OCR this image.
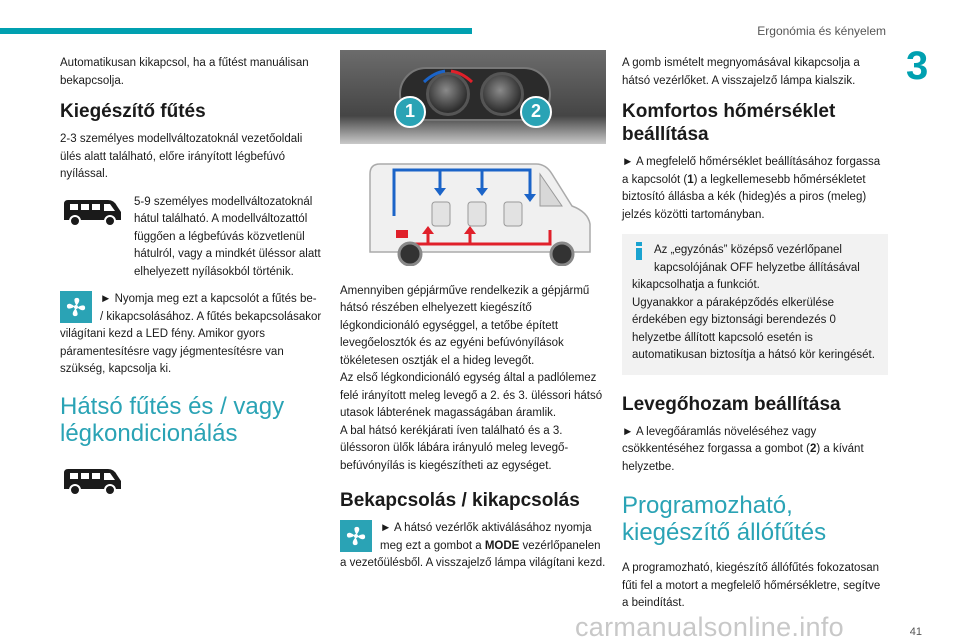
Ergonómia és kényelem
3

Automatikusan kikapcsol, ha a fűtést manuálisan bekapcsolja.

Kiegészítő fűtés

2-3 személyes modellváltozatoknál vezetőoldali ülés alatt található, előre irányított légbefúvó nyílással.

5-9 személyes modellváltozatoknál hátul található. A modellváltozattól függően a légbefúvás közvetlenül hátulról, vagy a mindkét üléssor alatt elhelyezett nyílásokból történik.
► Nyomja meg ezt a kapcsolót a fűtés be- / kikapcsolásához. A fűtés bekapcsolásakor világítani kezd a LED fény. Amikor gyors páramentesítésre vagy jégmentesítésre van szükség, kapcsolja ki.
Hátsó fűtés és / vagy légkondicionálás
1	2

Amennyiben gépjárműve rendelkezik a gépjármű hátsó részében elhelyezett kiegészítő légkondicionáló egységgel, a tetőbe épített levegőelosztók és az egyéni befúvónyílások tökéletesen osztják el a hideg levegőt.
Az első légkondicionáló egység által a padlólemez felé irányított meleg levegő a 2. és 3. üléssori hátsó utasok lábterének magasságában áramlik.
A bal hátsó kerékjárati íven található és a 3. üléssoron ülők lábára irányuló meleg levegő-befúvónyílás is kiegészítheti az egységet.

Bekapcsolás / kikapcsolás
► A hátsó vezérlők aktiválásához nyomja meg ezt a gombot a MODE vezérlőpanelen a vezetőülésből. A visszajelző lámpa világítani kezd.

A gomb ismételt megnyomásával kikapcsolja a hátsó vezérlőket. A visszajelző lámpa kialszik.

Komfortos hőmérséklet beállítása

► A megfelelő hőmérséklet beállításához forgassa a kapcsolót (1) a legkellemesebb hőmérsékletet biztosító állásba a kék (hideg)és a piros (meleg) jelzés közötti tartományban.

Az „egyzónás” középső vezérlőpanel kapcsolójának OFF helyzetbe állításával kikapcsolhatja a funkciót.
Ugyanakkor a páraképződés elkerülése érdekében egy biztonsági berendezés 0 helyzetbe állított kapcsoló esetén is automatikusan biztosítja a hátsó kör keringését.
Levegőhozam beállítása

► A levegőáramlás növeléséhez vagy csökkentéséhez forgassa a gombot (2) a kívánt helyzetbe.

Programozható, kiegészítő állófűtés

A programozható, kiegészítő állófűtés fokozatosan fűti fel a motort a megfelelő hőmérsékletre, segítve a beindítást.

41
carmanualsonline.info
